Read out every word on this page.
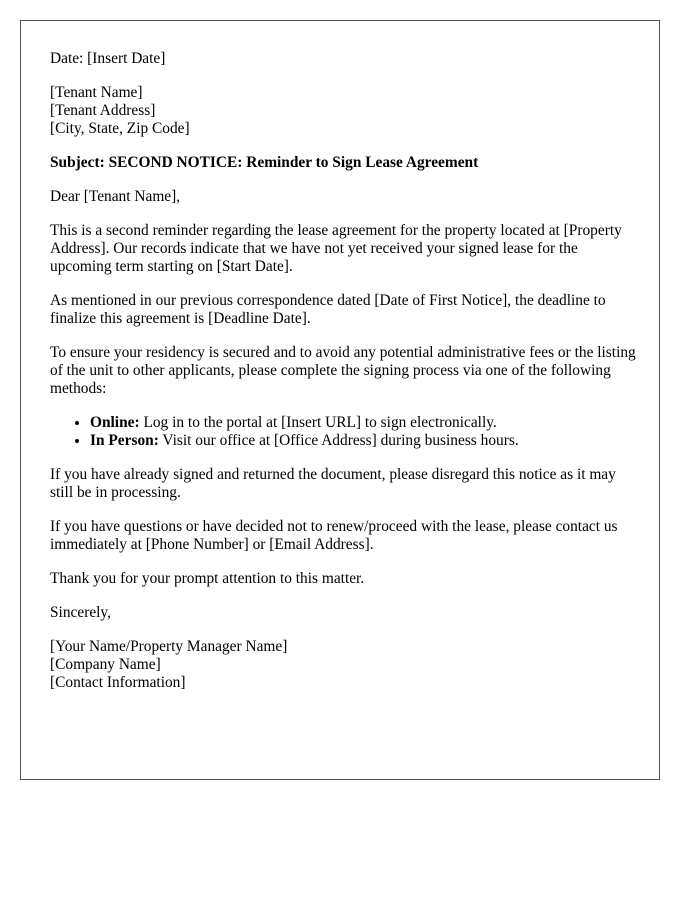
Date: [Insert Date]

[Tenant Name]
[Tenant Address]
[City, State, Zip Code]

Subject: SECOND NOTICE: Reminder to Sign Lease Agreement

Dear [Tenant Name],

This is a second reminder regarding the lease agreement for the property located at [Property Address]. Our records indicate that we have not yet received your signed lease for the upcoming term starting on [Start Date].

As mentioned in our previous correspondence dated [Date of First Notice], the deadline to finalize this agreement is [Deadline Date].

To ensure your residency is secured and to avoid any potential administrative fees or the listing of the unit to other applicants, please complete the signing process via one of the following methods:

• Online: Log in to the portal at [Insert URL] to sign electronically.
• In Person: Visit our office at [Office Address] during business hours.

If you have already signed and returned the document, please disregard this notice as it may still be in processing.

If you have questions or have decided not to renew/proceed with the lease, please contact us immediately at [Phone Number] or [Email Address].

Thank you for your prompt attention to this matter.

Sincerely,

[Your Name/Property Manager Name]
[Company Name]
[Contact Information]
